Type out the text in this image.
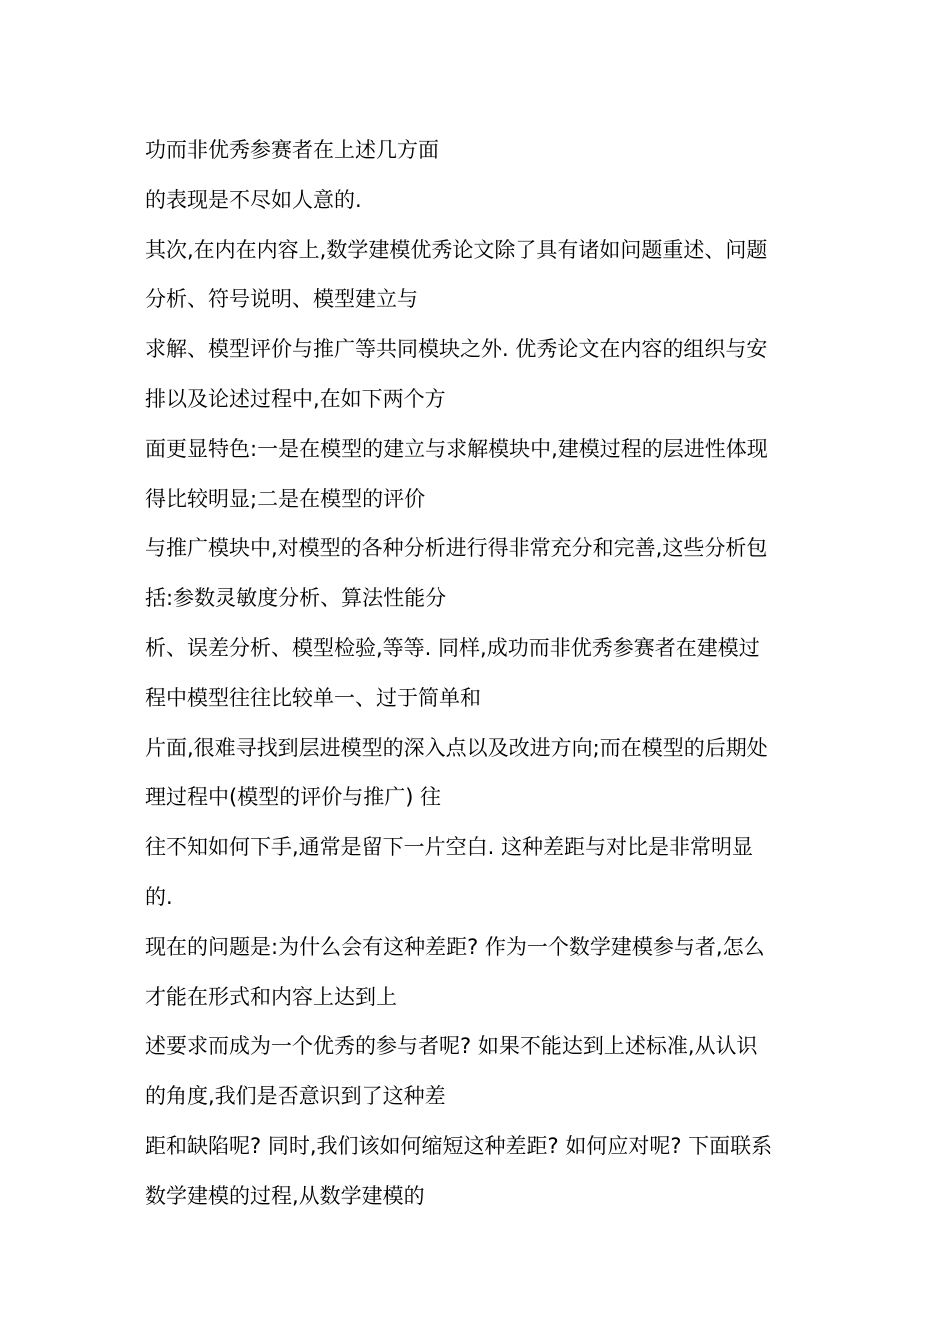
功而非优秀参赛者在上述几方面
的表现是不尽如人意的.
其次,在内在内容上,数学建模优秀论文除了具有诸如问题重述、问题
分析、符号说明、模型建立与
求解、模型评价与推广等共同模块之外. 优秀论文在内容的组织与安
排以及论述过程中,在如下两个方
面更显特色:一是在模型的建立与求解模块中,建模过程的层进性体现
得比较明显;二是在模型的评价
与推广模块中,对模型的各种分析进行得非常充分和完善,这些分析包
括:参数灵敏度分析、算法性能分
析、误差分析、模型检验,等等. 同样,成功而非优秀参赛者在建模过
程中模型往往比较单一、过于简单和
片面,很难寻找到层进模型的深入点以及改进方向;而在模型的后期处
理过程中(模型的评价与推广) 往
往不知如何下手,通常是留下一片空白. 这种差距与对比是非常明显
的.
现在的问题是:为什么会有这种差距? 作为一个数学建模参与者,怎么
才能在形式和内容上达到上
述要求而成为一个优秀的参与者呢? 如果不能达到上述标准,从认识
的角度,我们是否意识到了这种差
距和缺陷呢? 同时,我们该如何缩短这种差距? 如何应对呢? 下面联系
数学建模的过程,从数学建模的
